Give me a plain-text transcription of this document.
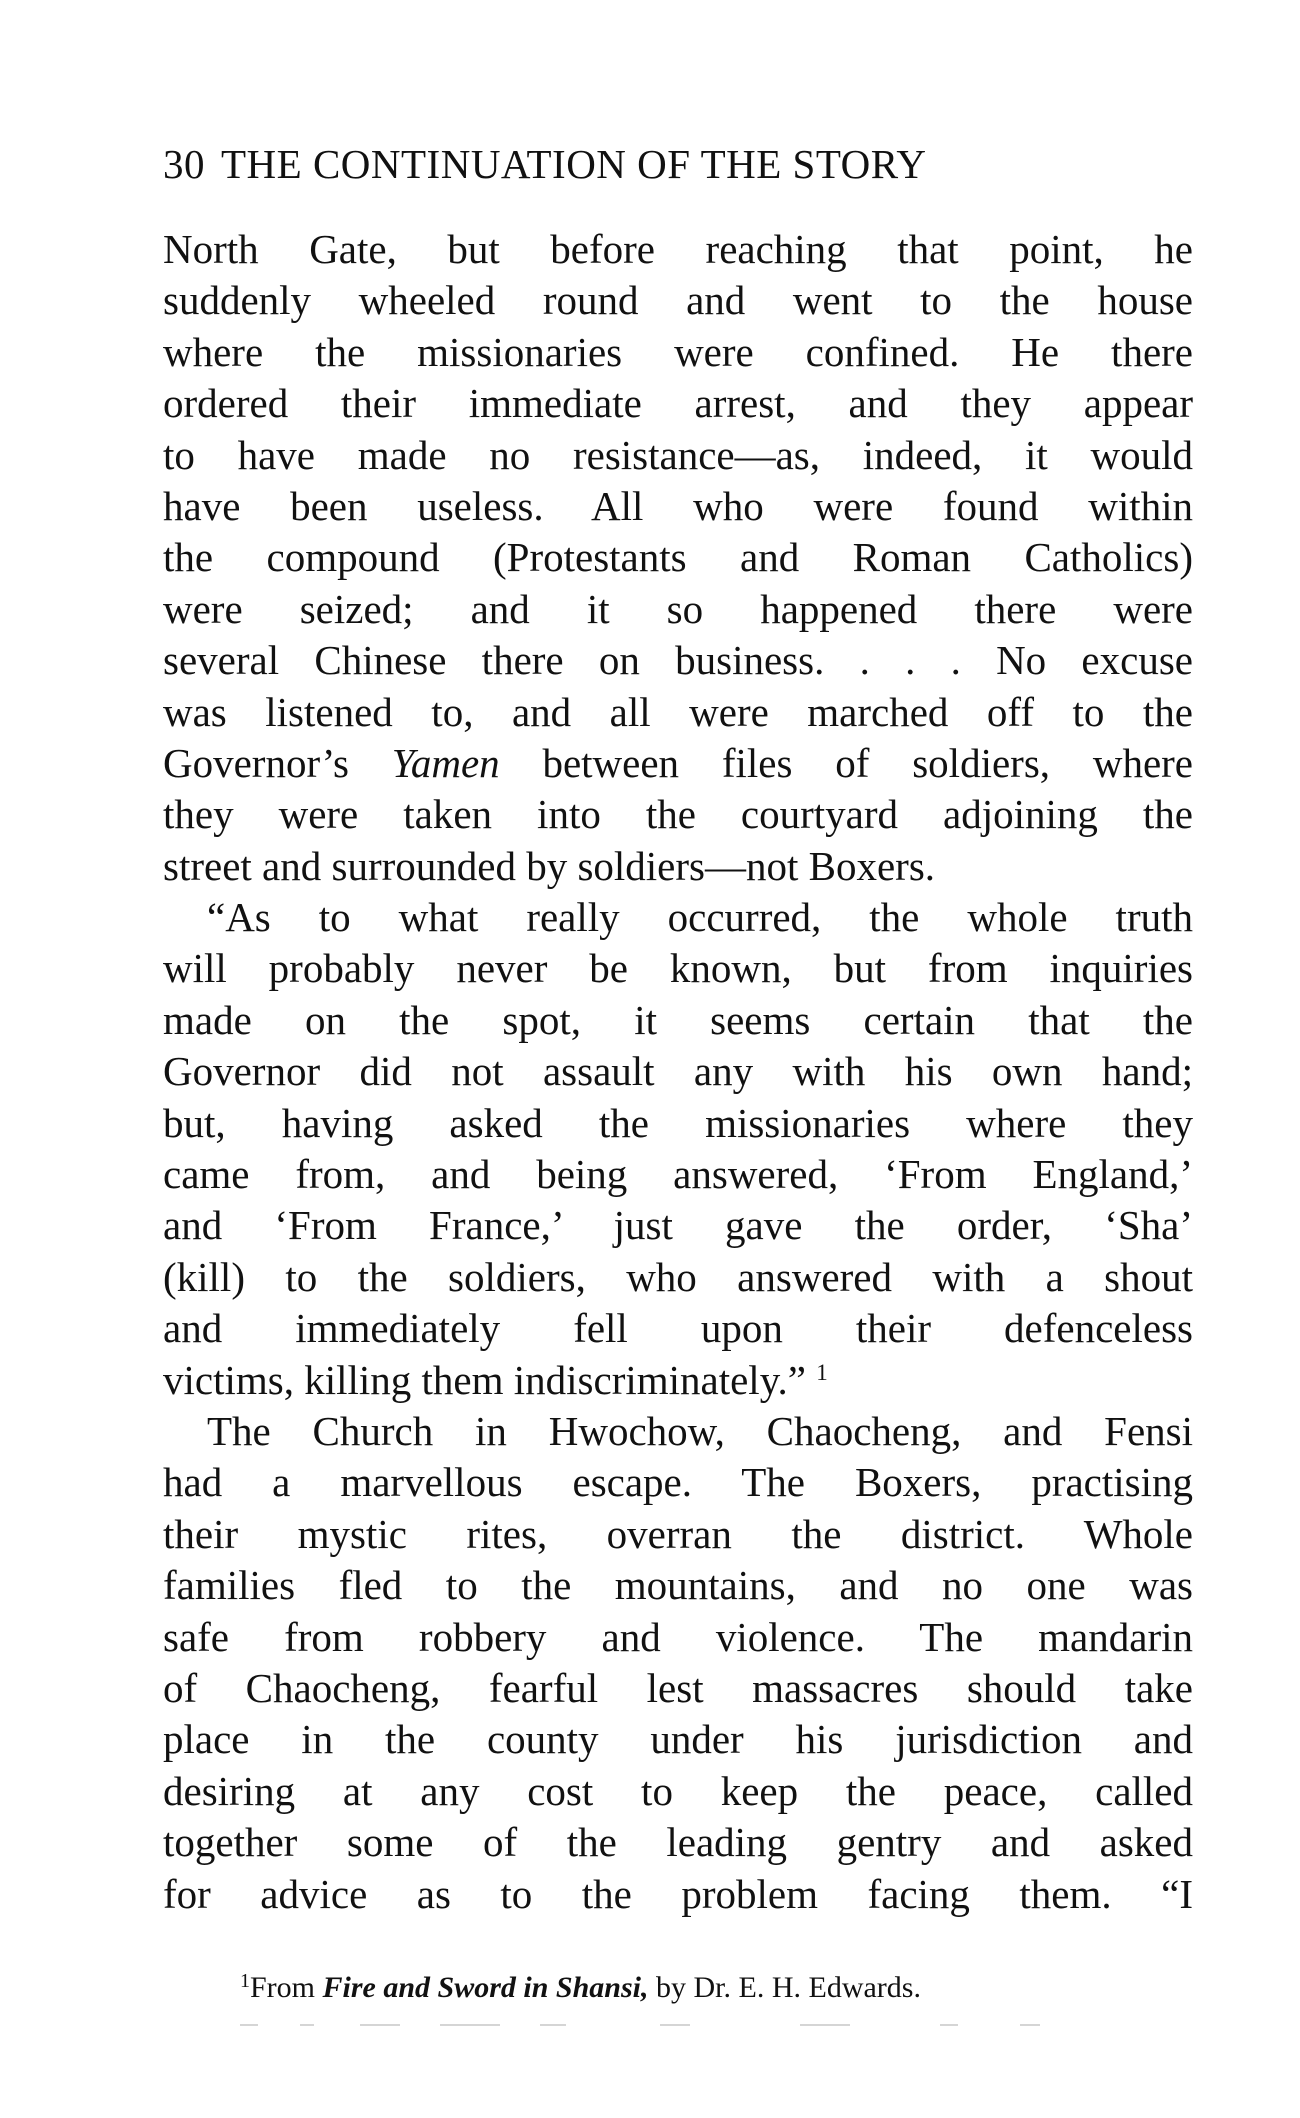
30 THE CONTINUATION OF THE STORY
North Gate, but before reaching that point, he
suddenly wheeled round and went to the house
where the missionaries were confined. He there
ordered their immediate arrest, and they appear
to have made no resistance—as, indeed, it would
have been useless. All who were found within
the compound (Protestants and Roman Catholics)
were seized; and it so happened there were
several Chinese there on business. . . . No excuse
was listened to, and all were marched off to the
Governor’s Yamen between files of soldiers, where
they were taken into the courtyard adjoining the
street and surrounded by soldiers—not Boxers.
“As to what really occurred, the whole truth
will probably never be known, but from inquiries
made on the spot, it seems certain that the
Governor did not assault any with his own hand;
but, having asked the missionaries where they
came from, and being answered, ‘From England,’
and ‘From France,’ just gave the order, ‘Sha’
(kill) to the soldiers, who answered with a shout
and immediately fell upon their defenceless
victims, killing them indiscriminately.” $^1$
The Church in Hwochow, Chaocheng, and Fensi
had a marvellous escape. The Boxers, practising
their mystic rites, overran the district. Whole
families fled to the mountains, and no one was
safe from robbery and violence. The mandarin
of Chaocheng, fearful lest massacres should take
place in the county under his jurisdiction and
desiring at any cost to keep the peace, called
together some of the leading gentry and asked
for advice as to the problem facing them. “I
$^1$From Fire and Sword in Shansi, by Dr. E. H. Edwards.
